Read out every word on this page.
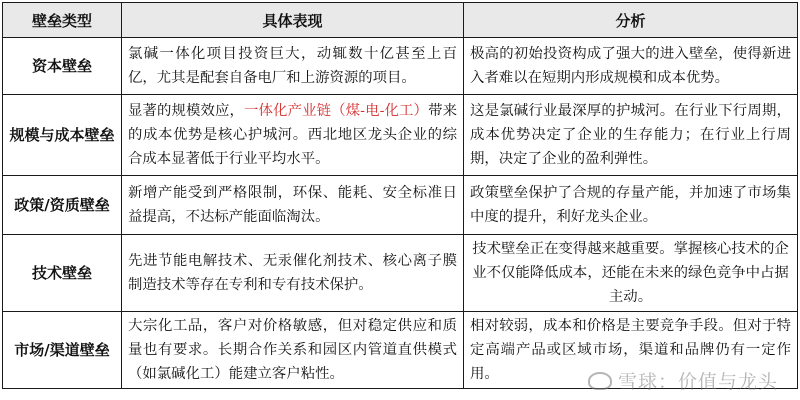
壁垒类型	具体表现	分析
资本壁垒	氯碱一体化项目投资巨大，动辄数十亿甚至上百亿，尤其是配套自备电厂和上游资源的项目。	极高的初始投资构成了强大的进入壁垒，使得新进入者难以在短期内形成规模和成本优势。
规模与成本壁垒	显著的规模效应，一体化产业链（煤-电-化工）带来的成本优势是核心护城河。西北地区龙头企业的综合成本显著低于行业平均水平。	这是氯碱行业最深厚的护城河。在行业下行周期，成本优势决定了企业的生存能力；在行业上行周期，决定了企业的盈利弹性。
政策/资质壁垒	新增产能受到严格限制，环保、能耗、安全标准日益提高，不达标产能面临淘汰。	政策壁垒保护了合规的存量产能，并加速了市场集中度的提升，利好龙头企业。
技术壁垒	先进节能电解技术、无汞催化剂技术、核心离子膜制造技术等存在专利和专有技术保护。	技术壁垒正在变得越来越重要。掌握核心技术的企业不仅能降低成本，还能在未来的绿色竞争中占据主动。
市场/渠道壁垒	大宗化工品，客户对价格敏感，但对稳定供应和质量也有要求。长期合作关系和园区内管道直供模式（如氯碱化工）能建立客户粘性。	相对较弱，成本和价格是主要竞争手段。但对于特定高端产品或区域市场，渠道和品牌仍有一定作用。	雪球：价值与龙头
